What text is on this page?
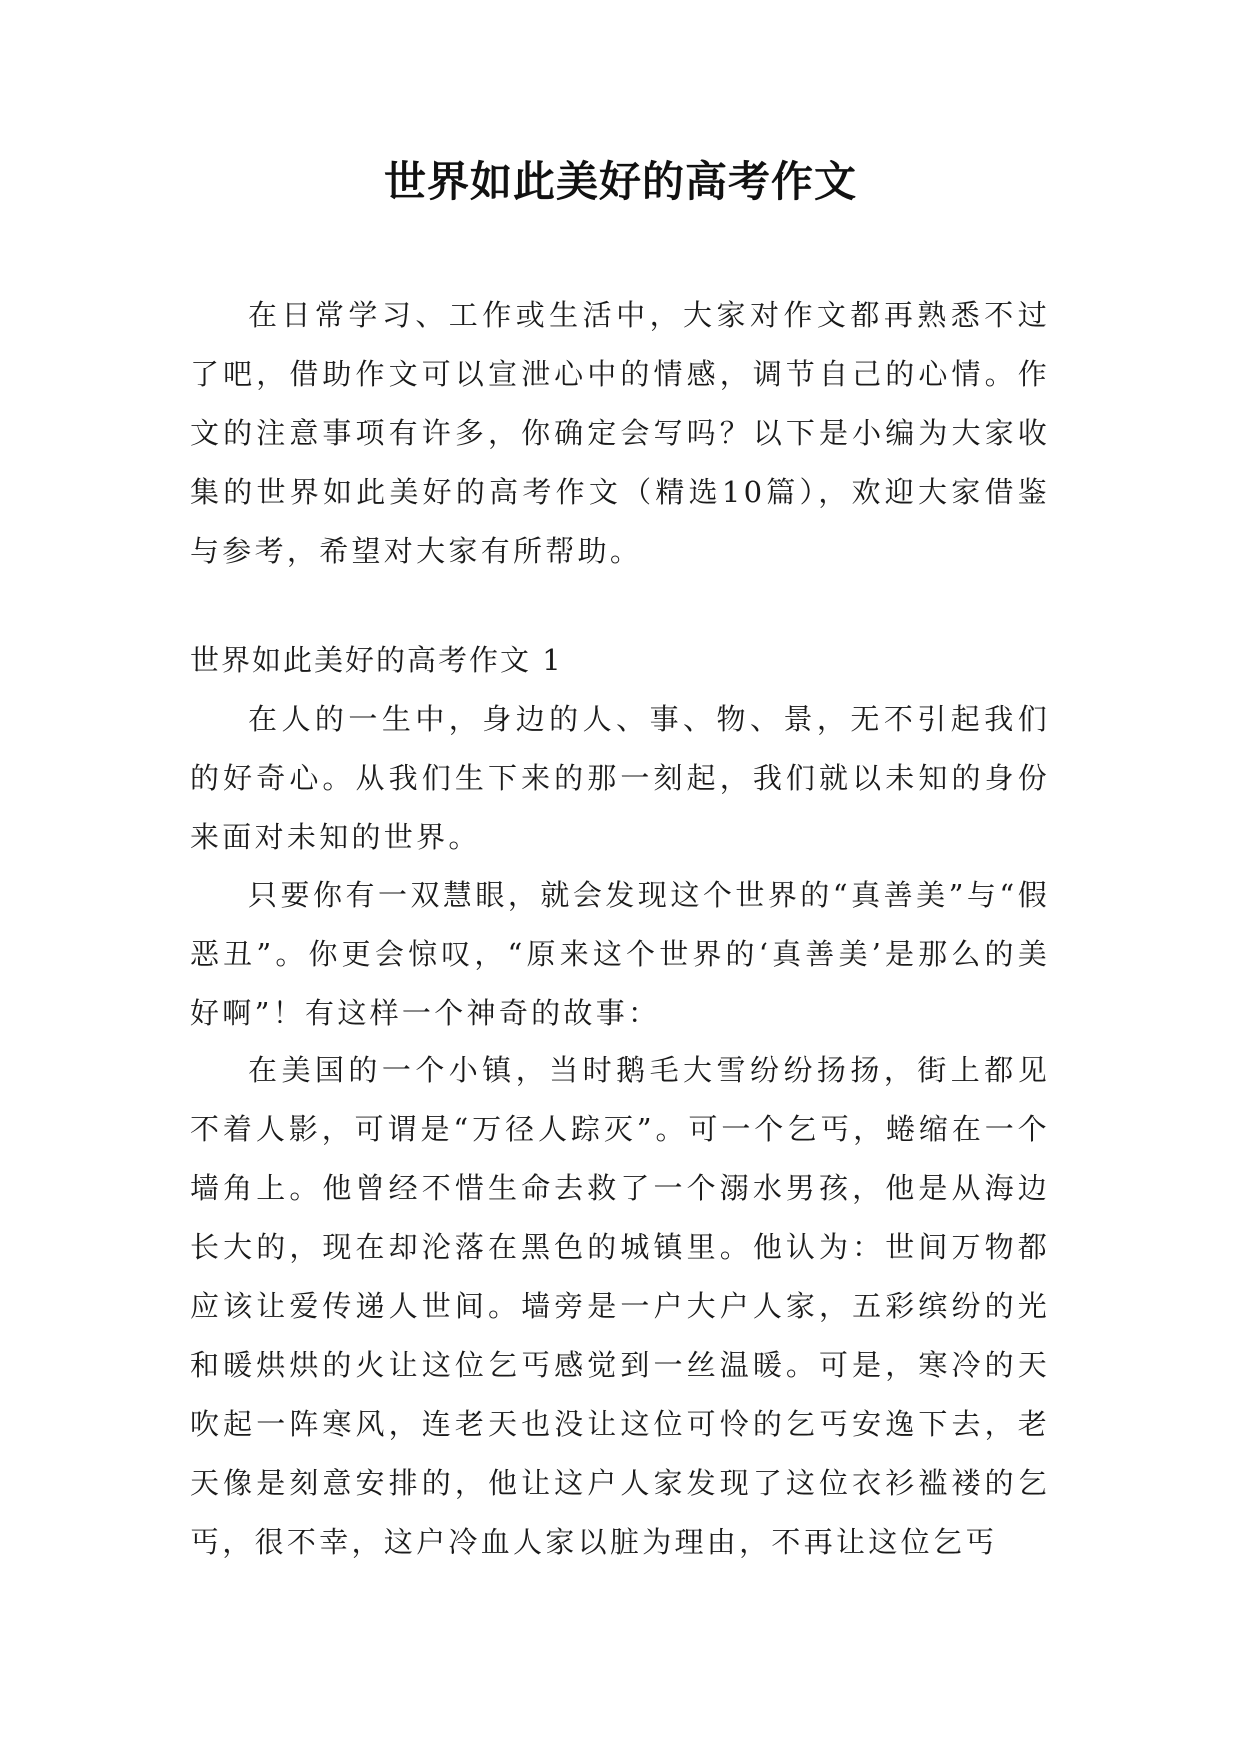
世界如此美好的高考作文

在日常学习、工作或生活中，大家对作文都再熟悉不过了吧，借助作文可以宣泄心中的情感，调节自己的心情。作文的注意事项有许多，你确定会写吗？以下是小编为大家收集的世界如此美好的高考作文（精选10篇），欢迎大家借鉴与参考，希望对大家有所帮助。

世界如此美好的高考作文 1

在人的一生中，身边的人、事、物、景，无不引起我们的好奇心。从我们生下来的那一刻起，我们就以未知的身份来面对未知的世界。

只要你有一双慧眼，就会发现这个世界的“真善美”与“假恶丑”。你更会惊叹，“原来这个世界的‘真善美’是那么的美好啊”！有这样一个神奇的故事：

在美国的一个小镇，当时鹅毛大雪纷纷扬扬，街上都见不着人影，可谓是“万径人踪灭”。可一个乞丐，蜷缩在一个墙角上。他曾经不惜生命去救了一个溺水男孩，他是从海边长大的，现在却沦落在黑色的城镇里。他认为：世间万物都应该让爱传递人世间。墙旁是一户大户人家，五彩缤纷的光和暖烘烘的火让这位乞丐感觉到一丝温暖。可是，寒冷的天吹起一阵寒风，连老天也没让这位可怜的乞丐安逸下去，老天像是刻意安排的，他让这户人家发现了这位衣衫褴褛的乞丐，很不幸，这户冷血人家以脏为理由，不再让这位乞丐
